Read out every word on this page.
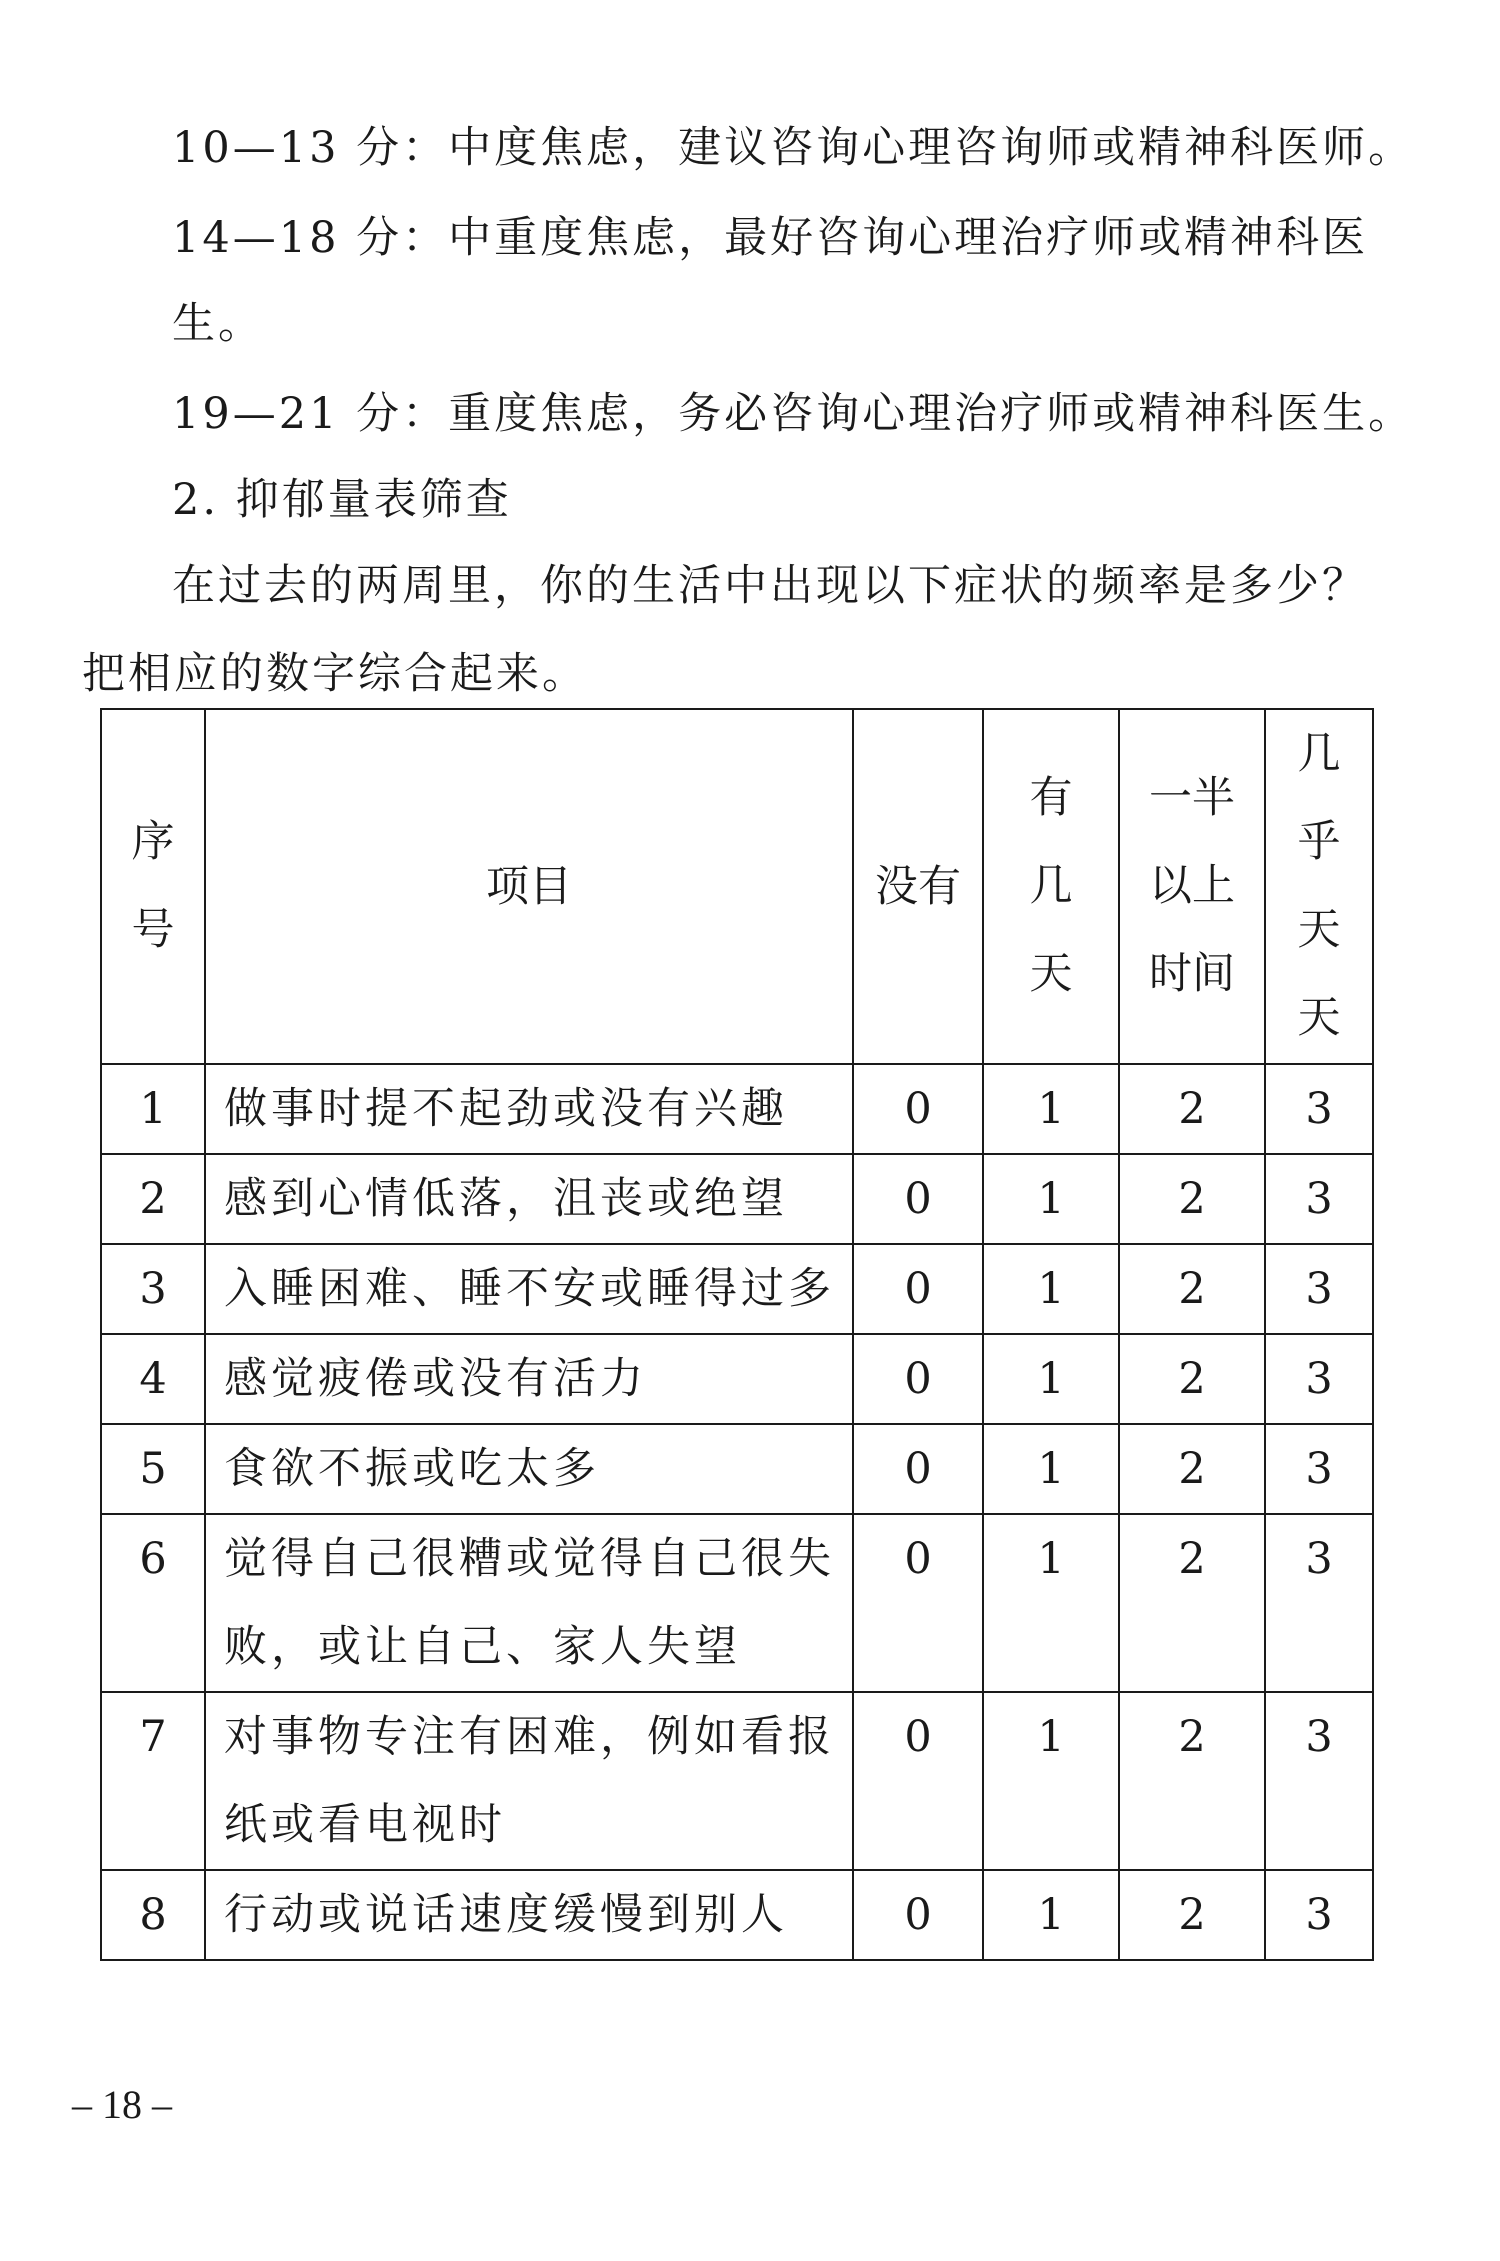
10—13 分：中度焦虑，建议咨询心理咨询师或精神科医师。
14—18 分：中重度焦虑，最好咨询心理治疗师或精神科医
生。
19—21 分：重度焦虑，务必咨询心理治疗师或精神科医生。
2. 抑郁量表筛查
在过去的两周里，你的生活中出现以下症状的频率是多少？
把相应的数字综合起来。
序号	项目	没有	有几天	一半以上时间	几乎天天
1	做事时提不起劲或没有兴趣	0	1	2	3
2	感到心情低落，沮丧或绝望	0	1	2	3
3	入睡困难、睡不安或睡得过多	0	1	2	3
4	感觉疲倦或没有活力	0	1	2	3
5	食欲不振或吃太多	0	1	2	3
6	觉得自己很糟或觉得自己很失败，或让自己、家人失望	0	1	2	3
7	对事物专注有困难，例如看报纸或看电视时	0	1	2	3
8	行动或说话速度缓慢到别人	0	1	2	3
– 18 –
